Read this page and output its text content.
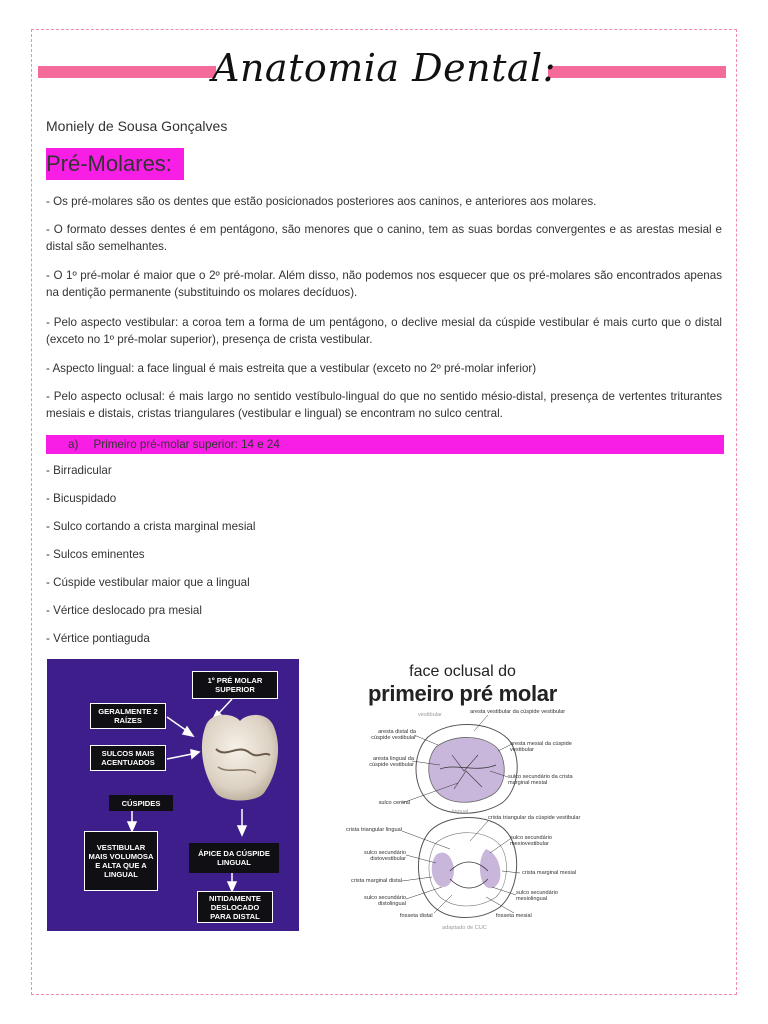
Anatomia Dental:
Moniely de Sousa Gonçalves
Pré-Molares:
- Os pré-molares são os dentes que estão posicionados posteriores aos caninos, e anteriores aos molares.
- O formato desses dentes é em pentágono, são menores que o canino, tem as suas bordas convergentes e as arestas mesial e distal são semelhantes.
- O 1º pré-molar é maior que o 2º pré-molar. Além disso, não podemos nos esquecer que os pré-molares são encontrados apenas na dentição permanente (substituindo os molares decíduos).
- Pelo aspecto vestibular: a coroa tem a forma de um pentágono, o declive mesial da cúspide vestibular é mais curto que o distal (exceto no 1º pré-molar superior), presença de crista vestibular.
- Aspecto lingual: a face lingual é mais estreita que a vestibular (exceto no 2º pré-molar inferior)
- Pelo aspecto oclusal: é mais largo no sentido vestíbulo-lingual do que no sentido mésio-distal, presença de vertentes triturantes mesiais e distais, cristas triangulares (vestibular e lingual) se encontram no sulco central.
a) Primeiro pré-molar superior: 14 e 24
- Birradicular
- Bicuspidado
- Sulco cortando a crista marginal mesial
- Sulcos eminentes
- Cúspide vestibular maior que a lingual
- Vértice deslocado pra mesial
- Vértice pontiaguda
1º PRÉ MOLAR SUPERIOR
GERALMENTE 2 RAÍZES
SULCOS MAIS ACENTUADOS
CÚSPIDES
VESTIBULAR MAIS VOLUMOSA E ALTA QUE A LINGUAL
ÁPICE DA CÚSPIDE LINGUAL
NITIDAMENTE DESLOCADO PARA DISTAL
face oclusal do
primeiro pré molar
aresta vestibular da cúspide vestibular
vestibular
aresta distal da cúspide vestibular
aresta mesial da cúspide vestibular
aresta lingual da cúspide vestibular
sulco secundário da crista marginal mesial
sulco central
lingual
crista triangular da cúspide vestibular
crista triangular lingual
sulco secundário mesiovestibular
sulco secundário distovestibular
crista marginal mesial
crista marginal distal
sulco secundário mesiolingual
sulco secundário distolingual
fosseta distal	fosseta mesial
adaptado de CUC
